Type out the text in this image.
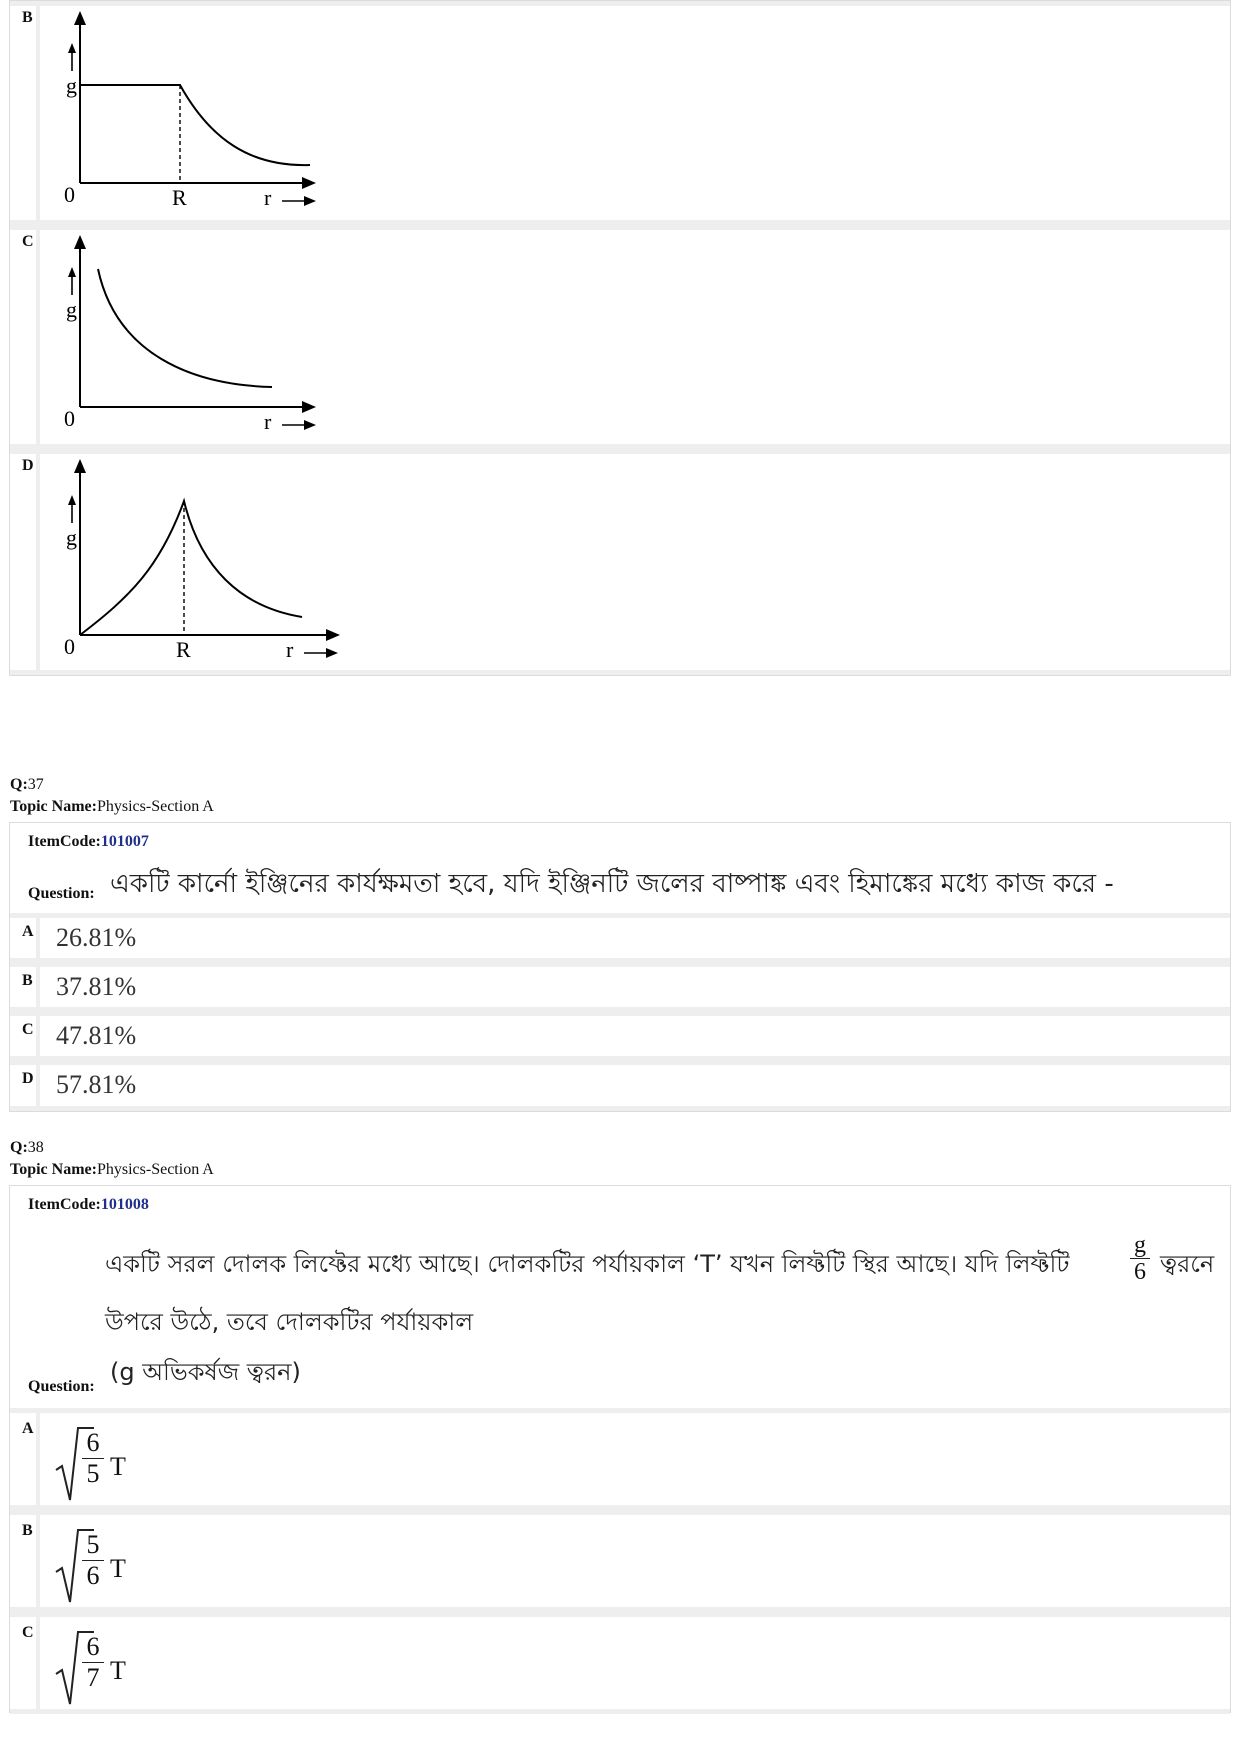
B
g
0	R	r
C
g
0	r
D
g
0	R	r
Q:37
Topic Name:Physics-Section A
ItemCode:101007
Question: একটি কার্নো ইঞ্জিনের কার্যক্ষমতা হবে, যদি ইঞ্জিনটি জলের বাষ্পাঙ্ক এবং হিমাঙ্কের মধ্যে কাজ করে -
A 26.81%
B 37.81%
C 47.81%
D 57.81%
Q:38
Topic Name:Physics-Section A
ItemCode:101008
একটি সরল দোলক লিফ্টের মধ্যে আছে। দোলকটির পর্যায়কাল ‘T’ যখন লিফ্টটি স্থির আছে। যদি লিফ্টটি
g
6 ত্বরনে
উপরে উঠে, তবে দোলকটির পর্যায়কাল
(g অভিকর্ষজ ত্বরন)
Question:
A 6
5 T
B 5
6 T
C 6
7 T
